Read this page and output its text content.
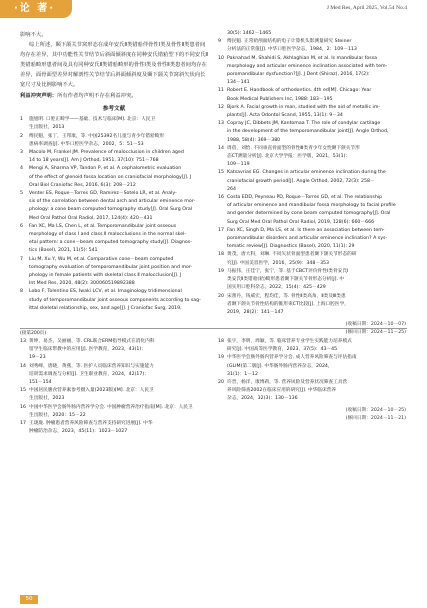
·论 著·	J Med Res, April 2025, Vol.54 No.4

影响不大。

综上所述，颞下颌关节窝形态在成年安氏Ⅱ类错𬌗伴骨性Ⅰ类及骨性Ⅱ类患者间均存在差异，其中功能性关节结节后斜面倾斜度在同种安氏错𬌗型下的不同安氏Ⅱ类错𬌗畸形患者间及具有同种安氏Ⅱ类错𬌗畸形的骨性Ⅰ类及骨性Ⅱ类患者间均存在差异，面骨面型差异对解剖性关节结节后斜面倾斜度及颞下颌关节窝斜矢状向长宽尺寸及比例影响不大。

利益冲突声明：所有作者均声明不存在利益冲突。
参考文献
1	施旭明. 口腔正畸学——基础、技术与临床[M]. 北京：人民卫
生出版社，2013
2	傅民魁，张丁，王邦康，等. 中国25392名儿童与青少年错𬌗畸形
患病率调查[J]. 中华口腔医学杂志，2002，5：51－53
3	Macolo M, Frankel JM. Prevalence of malocclusion in children aged
14 to 18 years[J]. Am J Orthod, 1951, 37(10): 751－768
4	Mengi A, Sharma VP, Tandon P, et al. A cephalometric evaluation
of the effect of glenoid fossa location on craniofacial morphology[J]. J
Oral Biol Craniofac Res, 2016, 6(3): 208－212
5	Venter ES, Roque－Torres GD, Ramirez－Sotelo LR, et al. Analy-
sis of the correlation between dental arch and articular eminence mor-
phology: a cone beam computed tomography study[J]. Oral Surg Oral
Med Oral Pathol Oral Radiol, 2017, 124(4): 420－431
6	Fan XC, Ma LS, Chen L, et al. Temporomandibular joint osseous
morphology of class Ⅰ and class Ⅱ malocclusions in the normal skel-
etal pattern: a cone－beam computed tomography study[J]. Diagnos-
tics (Basel), 2021, 11(5): 541
7	Liu M, Xu Y, Wu M, et al. Comparative cone－beam computed
tomography evaluation of temporomandibular joint position and mor-
phology in female patients with skeletal class Ⅱ malocclusion[J]. J
Int Med Res, 2020, 48(2): 300060519892388
8	Lobo F, Tolentino ES, Iwaki LCV, et al. Imaginology tridimensional
study of temporomandibular joint osseous components according to sag-
ittal skeletal relationship, sex, and age[J]. J Craniofac Surg, 2019,
30(5): 1462－1465
9	傅民魁. 正常𬌗颅面结构的电子计算机头影测量研究 Steiner
分析法的正常值[J]. 中华口腔医学杂志，1984，2：109－113
10 Paknahad M, Shahidi S, Akhlaghian M, et al. Is mandibular fossa
morphology and articular eminence inclination associated with tem-
poromandibular dysfunction?[J]. J Dent (Shiraz), 2016, 17(2):
134－141
11 Robert E. Handbook of orthodontics. 4th ed[M]. Chicago: Year
Book Medical Publishers Inc, 1988: 183－195
12 Bjork A. Facial growth in man, studied with the aid of metallic im-
plants[J]. Acta Odontol Scand, 1955, 13(1): 9－34
13 Copray JC, Dibbets JM, Kantomaa T. The role of condylar cartilage
in the development of the temporomandibular joint[J]. Angle Orthod,
1988, 58(4): 369－380
14 周蓓，刘怡. 不同垂直骨面型的骨性Ⅲ类青少年女性颞下颌关节形
态CT测量分析[J]. 北京大学学报：医学版，2021，53(1)：
109－119
15 Katsavrias EG. Changes in articular eminence inclination during the
craniofacial growth period[J]. Angle Orthod, 2002, 72(3): 258－
264
16 Costa EDD, Peyneau PD, Roque－Torres GD, et al. The relationship
of articular eminence and mandibular fossa morphology to facial profile
and gender determined by cone beam computed tomography[J]. Oral
Surg Oral Med Oral Pathol Oral Radiol, 2019, 128(6): 660－666
17 Fan XC, Singh D, Ma LS, et al. Is there an association between tem-
poromandibular disorders and articular eminence inclination? A sys-
tematic review[J]. Diagnostics (Basel), 2020, 11(1): 29
18 黄茂，唐大科，刘琳. 不同矢状骨面型患者颞下颌关节形态的研
究[J]. 中国美容医学，2016，25(9)：348－353
19 马振伟，庄佳宁，张宁，等. 基于CBCT评价骨性Ⅰ类骨安氏Ⅰ
类安氏Ⅱ类错𬌗(𬌗)畸形患者颞下颌关节骨形态分析[J]. 中
国实用口腔科杂志，2022，15(4)：425－429
20 宋蕾丹，钱威宏，程均佳，等. 骨性Ⅱ类高角、Ⅱ类及Ⅲ类患
者颞下颌关节骨性结构的锥形束CT比较[J]. 上海口腔医学，
2019，28(2)：141－147
(收稿日期：2024－10－07)
(修回日期：2024－11－25)
(接第200页)
13 黄坤，易杰，吴丽丽，等. CRL联合ERM指导模式在消化内科
留学生临床带教中的应用[J]. 医学教育，2023，43(1)：
19－23
14 刘秀峰，唐晓，黄燕，等. 医护人员临床营养知识与实施能力
培训需求调查与分析[J]. 卫生职业教育，2024，42(17)：
151－154
15 中国居民膳食营养素参考摄入量(2023版)[M]. 北京：人民卫
生出版社，2023
16 中国中华医学会肠外肠内营养学分会. 中国肿瘤营养治疗指南[M]. 北京：人民卫
生出版社，2020：15－22
17 王珑珑. 肿瘤患者营养风险筛查与营养支持研究进展[J]. 中华
肿瘤防治杂志，2023，45(11)：1023－1027
18 张宇，李明，周颖，等. 临床营养专业学生实践能力培养模式
研究[J]. 中国高等医学教育，2023，37(5)：43－45
19 中华医学会肠外肠内营养学分会. 成人营养风险筛查与评估指南
(GLIM)第二版[J]. 中华肠外肠内营养杂志，2024，
31(1)：1－12
20 许晋，杨洋，康博莉，等. 营养风险及营养状况筛查工具营
养风险筛查2002在临床应用的研究[J]. 中华临床营养
杂志，2024，32(3)：130－136
(收稿日期：2024－10－25)
(修回日期：2024－11－21)
50
